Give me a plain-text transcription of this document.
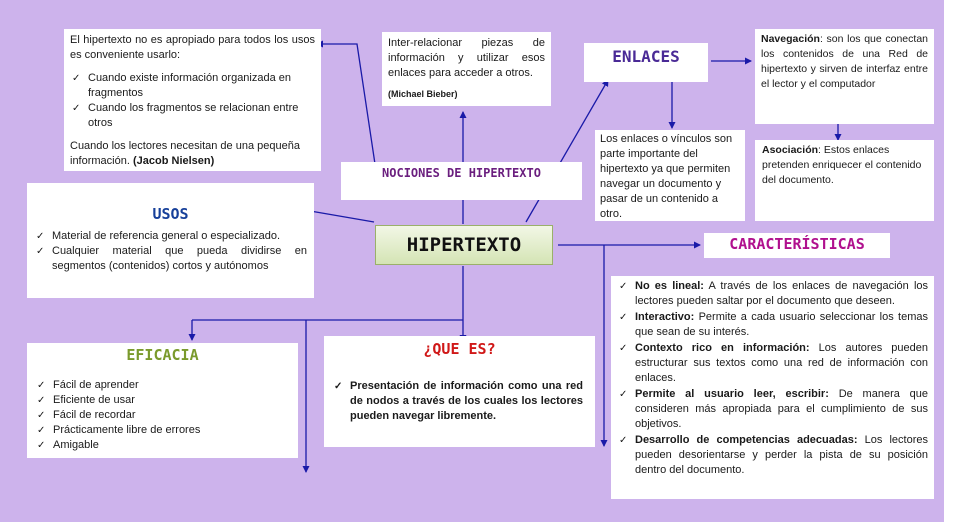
El hipertexto no es apropiado para todos los usos es conveniente usarlo:
✓ Cuando existe información organizada en fragmentos
✓ Cuando los fragmentos se relacionan entre otros
Cuando los lectores necesitan de una pequeña información. (Jacob Nielsen)
Inter-relacionar piezas de información y utilizar esos enlaces para acceder a otros.
(Michael Bieber)
NOCIONES DE HIPERTEXTO
ENLACES
Los enlaces o vínculos son parte importante del hipertexto ya que permiten navegar un documento y pasar de un contenido a otro.
Navegación: son los que conectan los contenidos de una Red de hipertexto y sirven de interfaz entre el lector y el computador
Asociación: Estos enlaces pretenden enriquecer el contenido del documento.
USOS
✓ Material de referencia general o especializado.
✓ Cualquier material que pueda dividirse en segmentos (contenidos) cortos y autónomos
HIPERTEXTO	CARACTERÍSTICAS
✓ No es lineal: A través de los enlaces de navegación los lectores pueden saltar por el documento que deseen.
✓ Interactivo: Permite a cada usuario seleccionar los temas que sean de su interés.
✓ Contexto rico en información: Los autores pueden estructurar sus textos como una red de información con enlaces.
✓ Permite al usuario leer, escribir: De manera que consideren más apropiada para el cumplimiento de sus objetivos.
✓ Desarrollo de competencias adecuadas: Los lectores pueden desorientarse y perder la pista de su posición dentro del documento.
EFICACIA
✓ Fácil de aprender
✓ Eficiente de usar
✓ Fácil de recordar
✓ Prácticamente libre de errores
✓ Amigable
¿QUE ES?
✓ Presentación de información como una red de nodos a través de los cuales los lectores pueden navegar libremente.
